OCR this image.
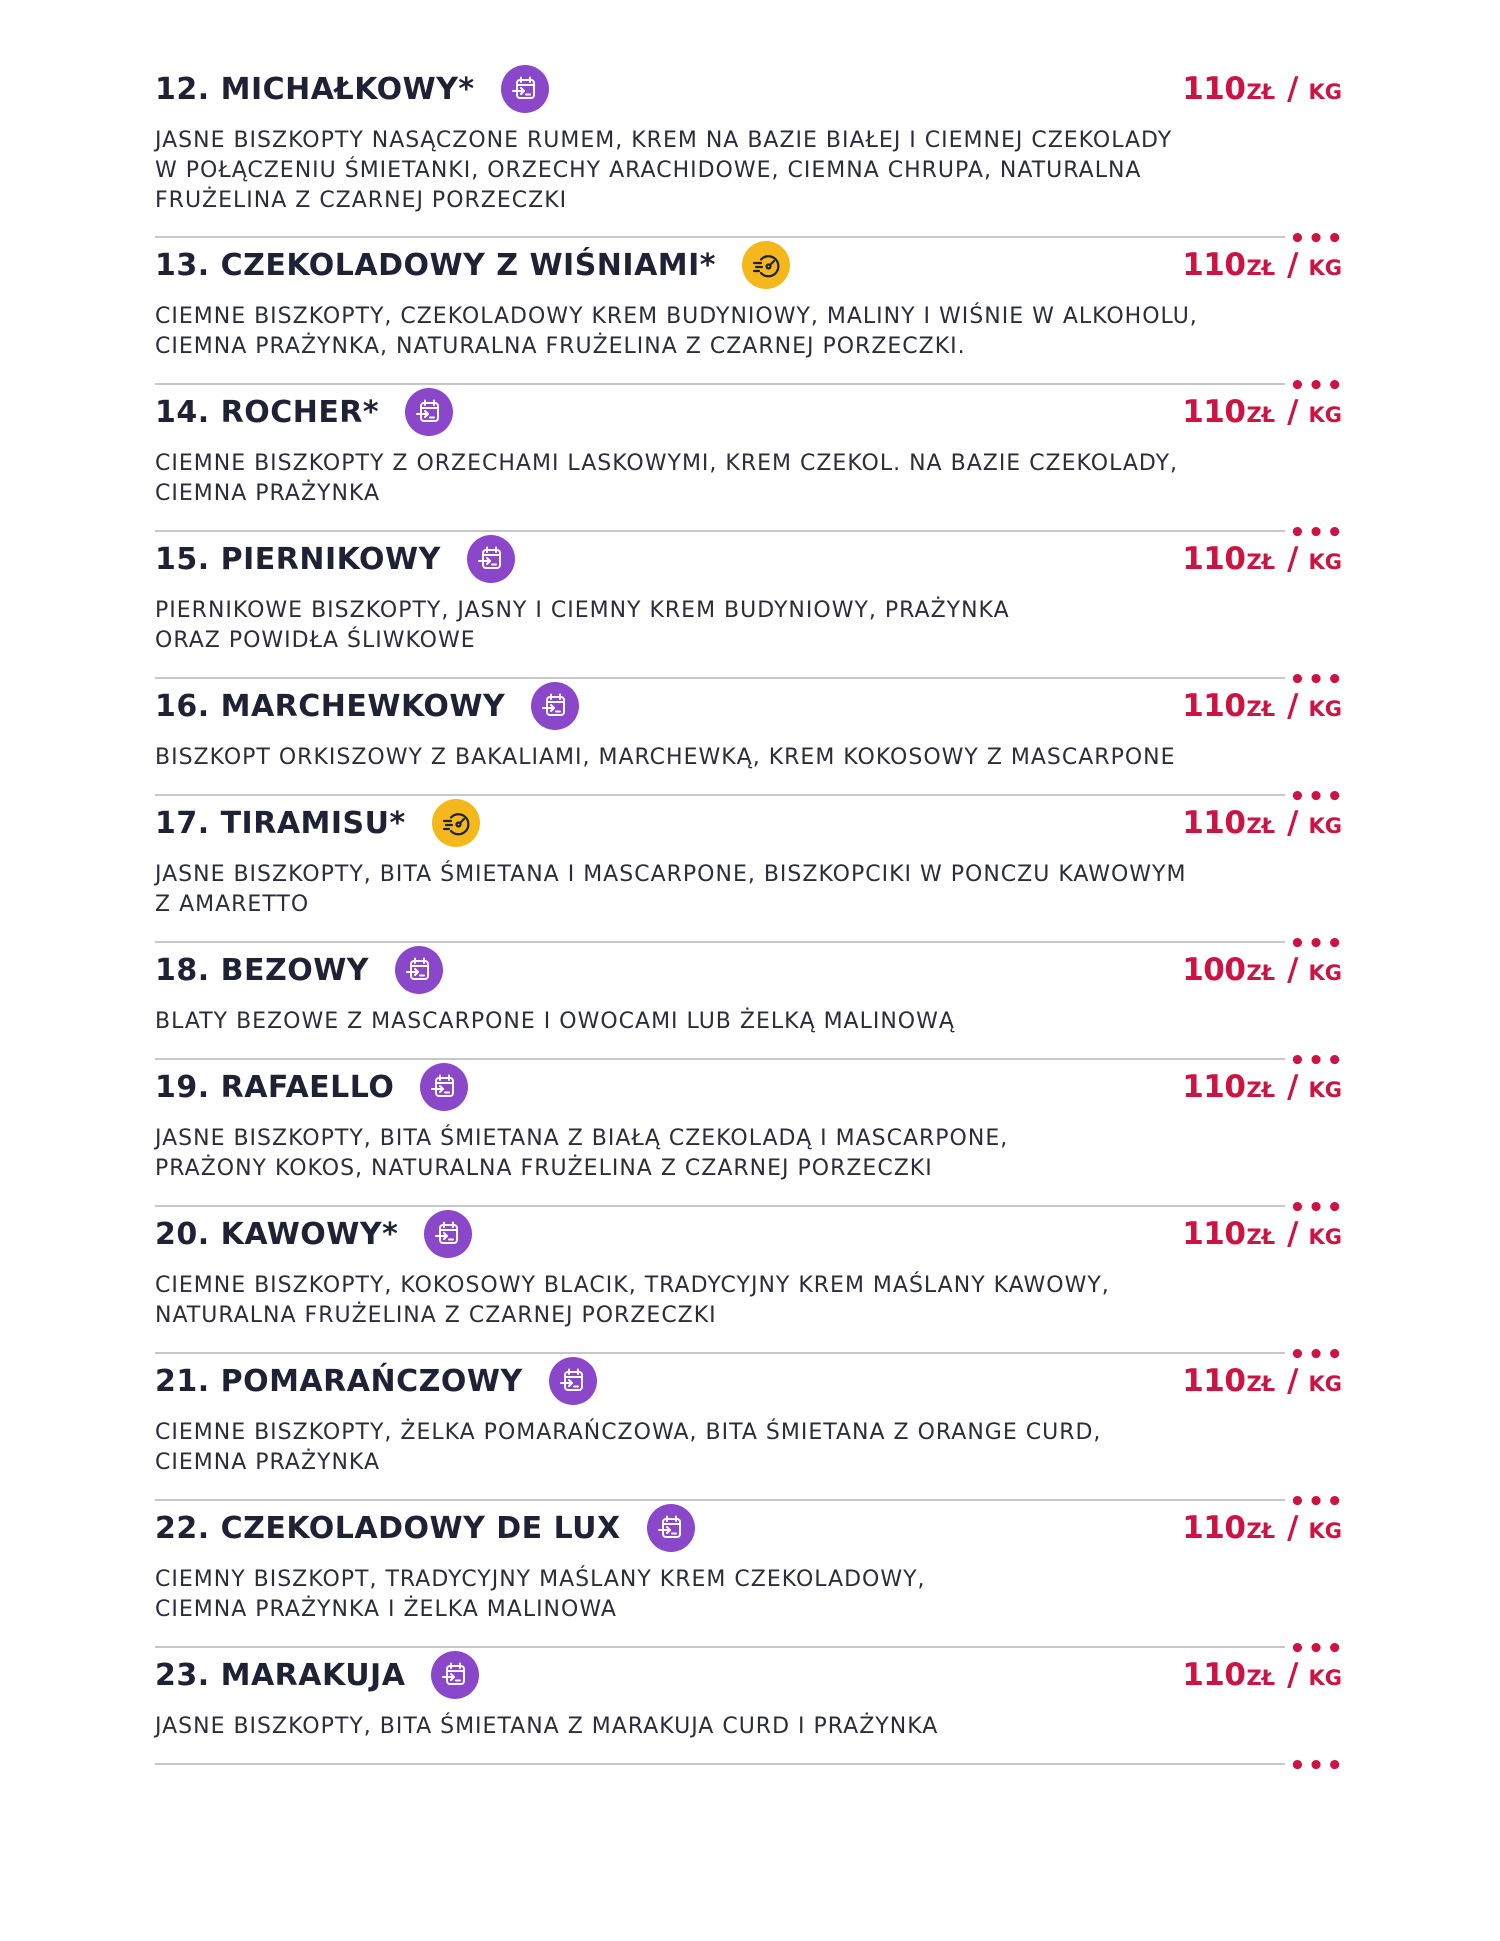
12. MICHAŁKOWY*	110 ZŁ / KG
JASNE BISZKOPTY NASĄCZONE RUMEM, KREM NA BAZIE BIAŁEJ I CIEMNEJ CZEKOLADY
W POŁĄCZENIU ŚMIETANKI, ORZECHY ARACHIDOWE, CIEMNA CHRUPA, NATURALNA
FRUŻELINA Z CZARNEJ PORZECZKI
•••
13. CZEKOLADOWY Z WIŚNIAMI*	110 ZŁ / KG
CIEMNE BISZKOPTY, CZEKOLADOWY KREM BUDYNIOWY, MALINY I WIŚNIE W ALKOHOLU,
CIEMNA PRAŻYNKA, NATURALNA FRUŻELINA Z CZARNEJ PORZECZKI.
•••
14. ROCHER*	110 ZŁ / KG
CIEMNE BISZKOPTY Z ORZECHAMI LASKOWYMI, KREM CZEKOL. NA BAZIE CZEKOLADY,
CIEMNA PRAŻYNKA
•••
15. PIERNIKOWY	110 ZŁ / KG
PIERNIKOWE BISZKOPTY, JASNY I CIEMNY KREM BUDYNIOWY, PRAŻYNKA
ORAZ POWIDŁA ŚLIWKOWE
•••
16. MARCHEWKOWY	110 ZŁ / KG
BISZKOPT ORKISZOWY Z BAKALIAMI, MARCHEWKĄ, KREM KOKOSOWY Z MASCARPONE
•••
17. TIRAMISU*	110 ZŁ / KG
JASNE BISZKOPTY, BITA ŚMIETANA I MASCARPONE, BISZKOPCIKI W PONCZU KAWOWYM
Z AMARETTO
•••
18. BEZOWY	100 ZŁ / KG
BLATY BEZOWE Z MASCARPONE I OWOCAMI LUB ŻELKĄ MALINOWĄ
•••
19. RAFAELLO	110 ZŁ / KG
JASNE BISZKOPTY, BITA ŚMIETANA Z BIAŁĄ CZEKOLADĄ I MASCARPONE,
PRAŻONY KOKOS, NATURALNA FRUŻELINA Z CZARNEJ PORZECZKI
•••
20. KAWOWY*	110 ZŁ / KG
CIEMNE BISZKOPTY, KOKOSOWY BLACIK, TRADYCYJNY KREM MAŚLANY KAWOWY,
NATURALNA FRUŻELINA Z CZARNEJ PORZECZKI
•••
21. POMARAŃCZOWY	110 ZŁ / KG
CIEMNE BISZKOPTY, ŻELKA POMARAŃCZOWA, BITA ŚMIETANA Z ORANGE CURD,
CIEMNA PRAŻYNKA
•••
22. CZEKOLADOWY DE LUX	110 ZŁ / KG
CIEMNY BISZKOPT, TRADYCYJNY MAŚLANY KREM CZEKOLADOWY,
CIEMNA PRAŻYNKA I ŻELKA MALINOWA
•••
23. MARAKUJA	110 ZŁ / KG
JASNE BISZKOPTY, BITA ŚMIETANA Z MARAKUJA CURD I PRAŻYNKA
•••
